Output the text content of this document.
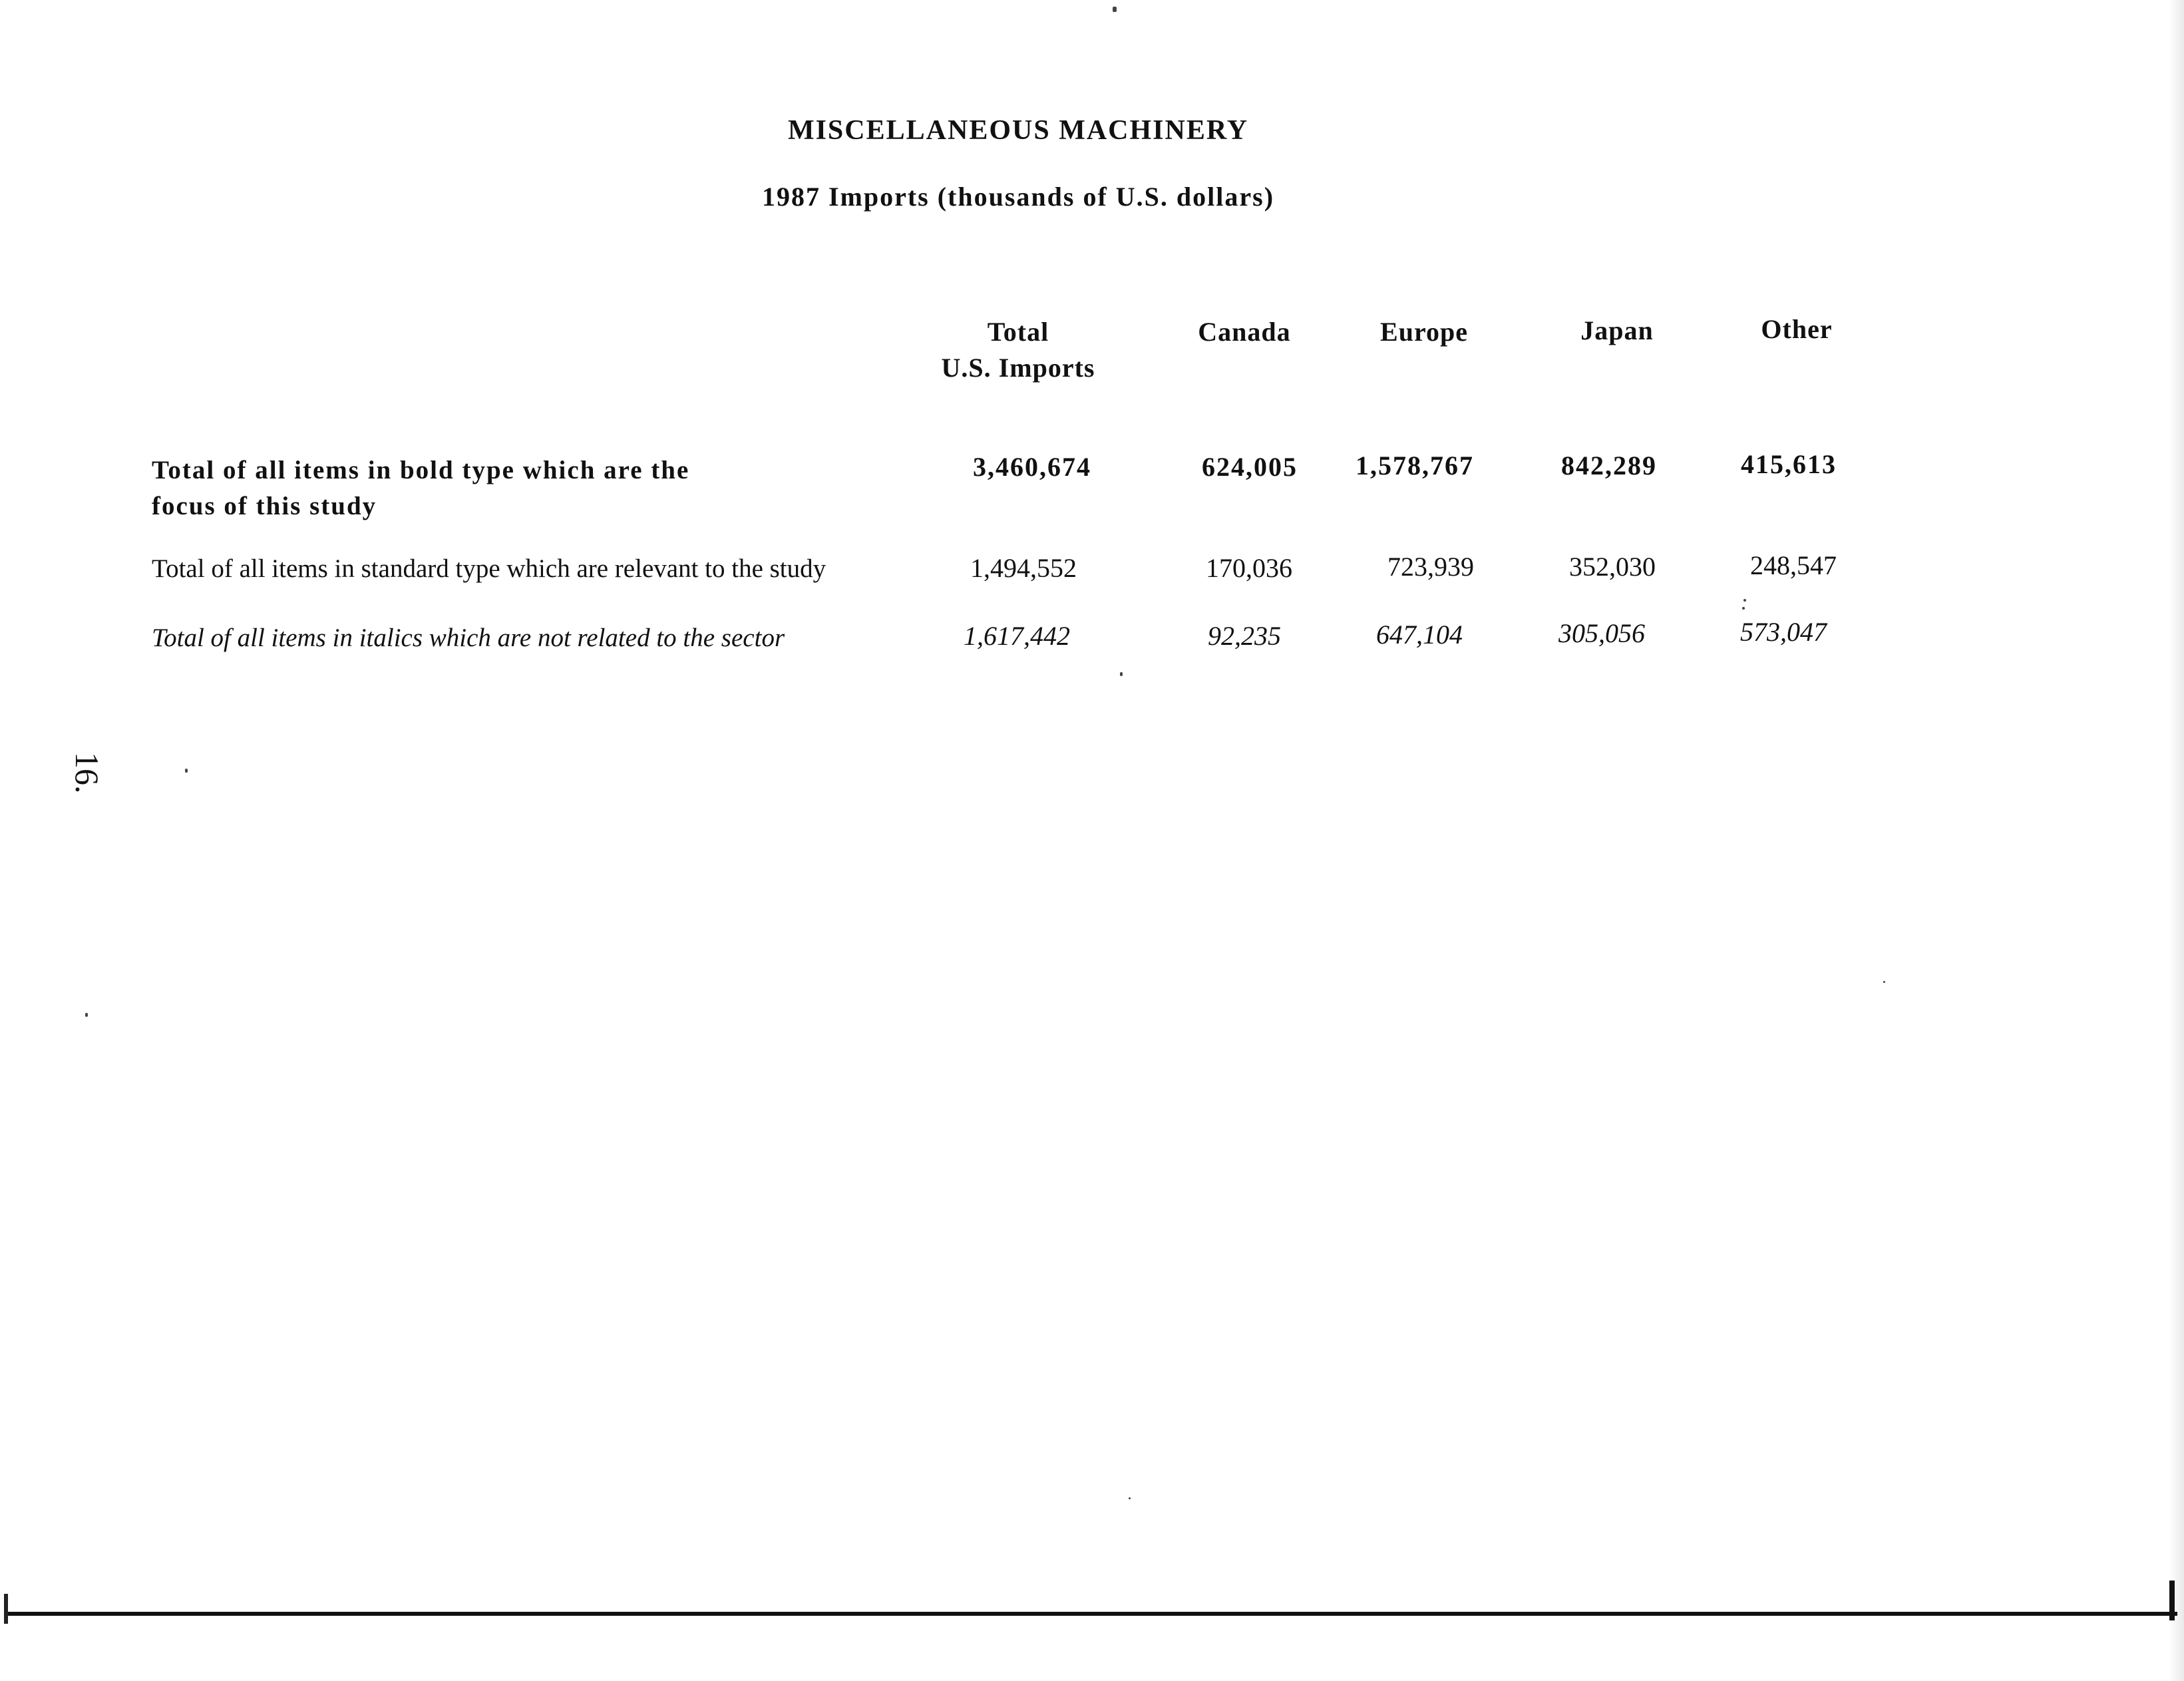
MISCELLANEOUS MACHINERY
1987 Imports (thousands of U.S. dollars)
Total
U.S. Imports
Canada	Europe	Japan	Other
Total of all items in bold type which are the
focus of this study
3,460,674	624,005	1,578,767	842,289	415,613
Total of all items in standard type which are relevant to the study	1,494,552	170,036	723,939	352,030	248,547
Total of all items in italics which are not related to the sector	1,617,442	92,235	647,104	305,056	573,047
16.
